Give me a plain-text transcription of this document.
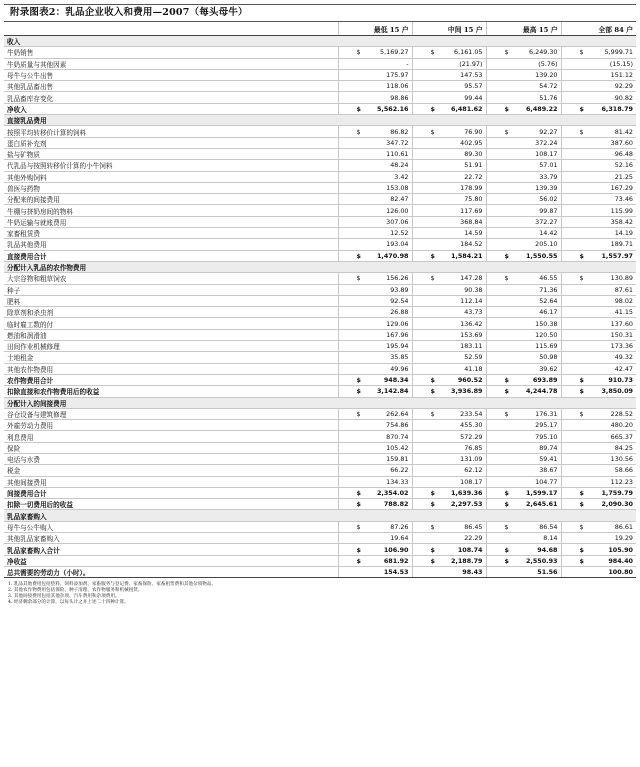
附录图表2：乳品企业收入和费用—2007（每头母牛）
	最低 15 户	中间 15 户	最高 15 户	全部 84 户
收入				
牛奶销售	$ 5,169.27	$ 6,161.05	$ 6,249.30	$ 5,999.71
牛奶质量与其他因素	-	(21.97)	(5.76)	(15.15)
母牛与公牛出售	175.97	147.53	139.20	151.12
其他乳品畜出售	118.06	95.57	54.72	92.29
乳品畜库存变化	98.86	99.44	51.76	90.82
净收入	$ 5,562.16	$ 6,481.62	$ 6,489.22	$ 6,318.79
直接乳品费用				
按照平均转移价计算的饲料	$ 86.82	$ 76.90	$ 92.27	$ 81.42
蛋白质补充剂	347.72	402.95	372.24	387.60
盐与矿物质	110.61	89.30	108.17	96.48
代乳品与按照转移价计算的小牛饲料	48.24	51.91	57.01	52.16
其他外购饲料	3.42	22.72	33.79	21.25
兽医与药物	153.08	178.99	139.39	167.29
分配来的间接费用	82.47	75.80	56.02	73.46
牛棚与挤奶房间的物料	126.00	117.69	99.87	115.99
牛奶运输与就账费用	307.06	368.84	372.27	358.42
家畜租赁费	12.52	14.59	14.42	14.19
乳品其他费用	193.04	184.52	205.10	189.71
直接费用合计	$ 1,470.98	$ 1,584.21	$ 1,550.55	$ 1,557.97
分配计入乳品的农作物费用				
大宗谷物和粗草饲农	$ 156.26	$ 147.28	$ 46.55	$ 130.89
种子	93.89	90.38	71.36	87.61
肥料	92.54	112.14	52.64	98.02
除草剂和杀虫剂	26.88	43.73	46.17	41.15
临时雇工数的付	129.06	136.42	150.38	137.60
燃油和润滑油	167.96	153.69	120.50	150.31
田间作业机械修理	195.94	183.11	115.69	173.36
土地租金	35.85	52.59	50.98	49.32
其他农作物费用	49.96	41.18	39.62	42.47
农作物费用合计	$ 948.34	$ 960.52	$ 693.89	$ 910.73
扣除直接和农作物费用后的收益	$ 3,142.84	$ 3,936.89	$ 4,244.78	$ 3,850.09
分配计入的间接费用				
谷仓设备与建筑修理	$ 262.64	$ 233.54	$ 176.31	$ 228.52
外雇劳动力费用	754.86	455.30	295.17	480.20
利息费用	870.74	572.29	795.10	665.37
保险	105.42	76.85	89.74	84.25
电话与水费	159.81	131.09	59.41	130.56
税金	66.22	62.12	38.67	58.66
其他间接费用	134.33	108.17	104.77	112.23
间接费用合计	$ 2,354.02	$ 1,639.36	$ 1,599.17	$ 1,759.79
扣除一切费用后的收益	$ 788.82	$ 2,297.53	$ 2,645.61	$ 2,090.30
乳品家畜购入				
母牛与公牛购入	$ 87.26	$ 86.45	$ 86.54	$ 86.61
其他乳品家畜购入	19.64	22.29	8.14	19.29
乳品家畜购入合计	$ 106.90	$ 108.74	$ 94.68	$ 105.90
净收益	$ 681.92	$ 2,188.79	$ 2,550.93	$ 984.40
总共需要的劳动力（小时）。	154.53	98.43	51.56	100.80
1. 乳品其他费用包括垫料、饲料添加剂、家畜服务与登记费、家畜保险、家畜租赁费和其他杂项物品。
2. 其他农作物费用包括保险、种子清理、农作物服务和机械租赁。
3. 其他间接费用包括其他杂项、汽车费用和杂项费用。
4. 经济剩余部分的计算，以每头计之并上述二十四种计算。
